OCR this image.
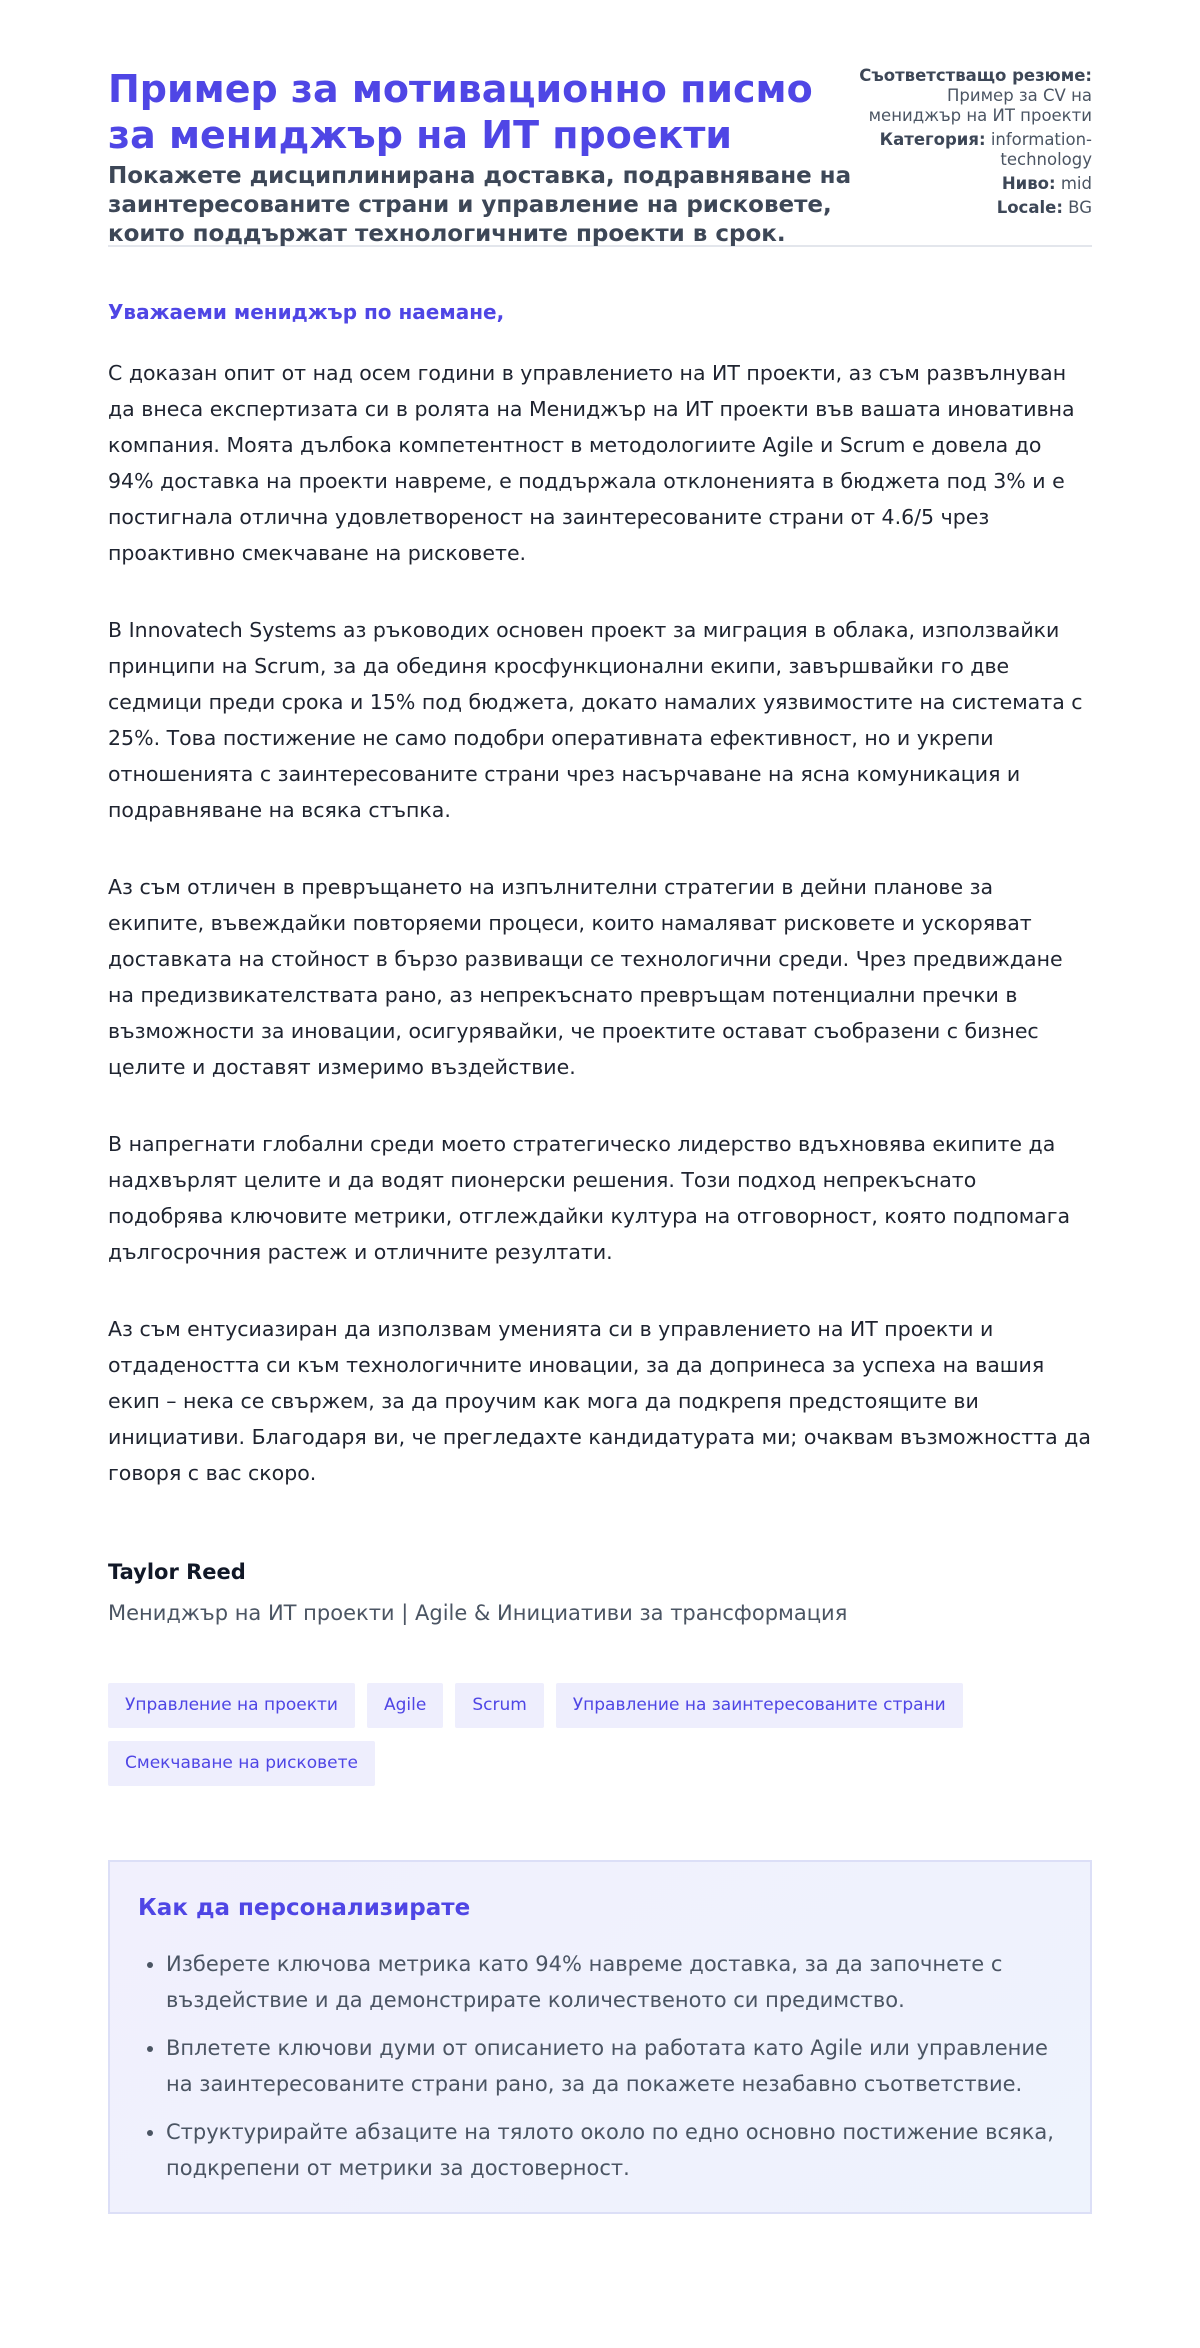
Пример за мотивационно писмо за мениджър на ИТ проекти
Покажете дисциплинирана доставка, подравняване на заинтересованите страни и управление на рисковете, които поддържат технологичните проекти в срок.
Съответстващо резюме: Пример за CV на мениджър на ИТ проекти
Категория: information-technology
Ниво: mid
Locale: BG
Уважаеми мениджър по наемане,

С доказан опит от над осем години в управлението на ИТ проекти, аз съм развълнуван да внеса експертизата си в ролята на Мениджър на ИТ проекти във вашата иновативна компания. Моята дълбока компетентност в методологиите Agile и Scrum е довела до 94% доставка на проекти навреме, е поддържала отклоненията в бюджета под 3% и е постигнала отлична удовлетвореност на заинтересованите страни от 4.6/5 чрез проактивно смекчаване на рисковете.

В Innovatech Systems аз ръководих основен проект за миграция в облака, използвайки принципи на Scrum, за да обединя кросфункционални екипи, завършвайки го две седмици преди срока и 15% под бюджета, докато намалих уязвимостите на системата с 25%. Това постижение не само подобри оперативната ефективност, но и укрепи отношенията с заинтересованите страни чрез насърчаване на ясна комуникация и подравняване на всяка стъпка.

Аз съм отличен в превръщането на изпълнителни стратегии в дейни планове за екипите, въвеждайки повторяеми процеси, които намаляват рисковете и ускоряват доставката на стойност в бързо развиващи се технологични среди. Чрез предвиждане на предизвикателствата рано, аз непрекъснато превръщам потенциални пречки в възможности за иновации, осигурявайки, че проектите остават съобразени с бизнес целите и доставят измеримо въздействие.

В напрегнати глобални среди моето стратегическо лидерство вдъхновява екипите да надхвърлят целите и да водят пионерски решения. Този подход непрекъснато подобрява ключовите метрики, отглеждайки култура на отговорност, която подпомага дългосрочния растеж и отличните резултати.

Аз съм ентусиазиран да използвам уменията си в управлението на ИТ проекти и отдадеността си към технологичните иновации, за да допринеса за успеха на вашия екип – нека се свържем, за да проучим как мога да подкрепя предстоящите ви инициативи. Благодаря ви, че прегледахте кандидатурата ми; очаквам възможността да говоря с вас скоро.

Taylor Reed
Мениджър на ИТ проекти | Agile & Инициативи за трансформация
Управление на проекти	Agile	Scrum	Управление на заинтересованите страни
Смекчаване на рисковете
Как да персонализирате
• Изберете ключова метрика като 94% навреме доставка, за да започнете с въздействие и да демонстрирате количественото си предимство.
• Вплетете ключови думи от описанието на работата като Agile или управление на заинтересованите страни рано, за да покажете незабавно съответствие.
• Структурирайте абзаците на тялото около по едно основно постижение всяка, подкрепени от метрики за достоверност.
